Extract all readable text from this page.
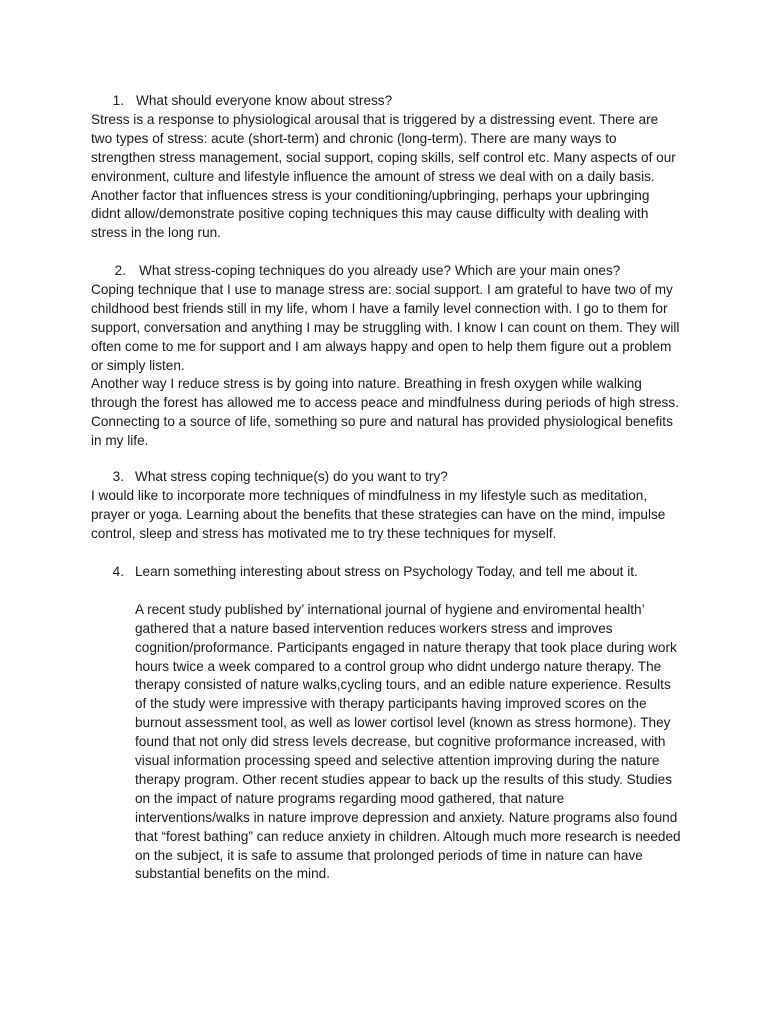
1. What should everyone know about stress?

Stress is a response to physiological arousal that is triggered by a distressing event. There are two types of stress: acute (short-term) and chronic (long-term). There are many ways to strengthen stress management, social support, coping skills, self control etc. Many aspects of our environment, culture and lifestyle influence the amount of stress we deal with on a daily basis. Another factor that influences stress is your conditioning/upbringing, perhaps your upbringing didnt allow/demonstrate positive coping techniques this may cause difficulty with dealing with stress in the long run.

2. What stress-coping techniques do you already use? Which are your main ones?

Coping technique that I use to manage stress are: social support. I am grateful to have two of my childhood best friends still in my life, whom I have a family level connection with. I go to them for support, conversation and anything I may be struggling with. I know I can count on them. They will often come to me for support and I am always happy and open to help them figure out a problem or simply listen.

Another way I reduce stress is by going into nature. Breathing in fresh oxygen while walking through the forest has allowed me to access peace and mindfulness during periods of high stress. Connecting to a source of life, something so pure and natural has provided physiological benefits in my life.

3. What stress coping technique(s) do you want to try?

I would like to incorporate more techniques of mindfulness in my lifestyle such as meditation, prayer or yoga. Learning about the benefits that these strategies can have on the mind, impulse control, sleep and stress has motivated me to try these techniques for myself.

4. Learn something interesting about stress on Psychology Today, and tell me about it.

A recent study published by’ international journal of hygiene and enviromental health’ gathered that a nature based intervention reduces workers stress and improves cognition/proformance. Participants engaged in nature therapy that took place during work hours twice a week compared to a control group who didnt undergo nature therapy. The therapy consisted of nature walks,cycling tours, and an edible nature experience. Results of the study were impressive with therapy participants having improved scores on the burnout assessment tool, as well as lower cortisol level (known as stress hormone). They found that not only did stress levels decrease, but cognitive proformance increased, with visual information processing speed and selective attention improving during the nature therapy program. Other recent studies appear to back up the results of this study. Studies on the impact of nature programs regarding mood gathered, that nature interventions/walks in nature improve depression and anxiety. Nature programs also found that “forest bathing” can reduce anxiety in children. Altough much more research is needed on the subject, it is safe to assume that prolonged periods of time in nature can have substantial benefits on the mind.
